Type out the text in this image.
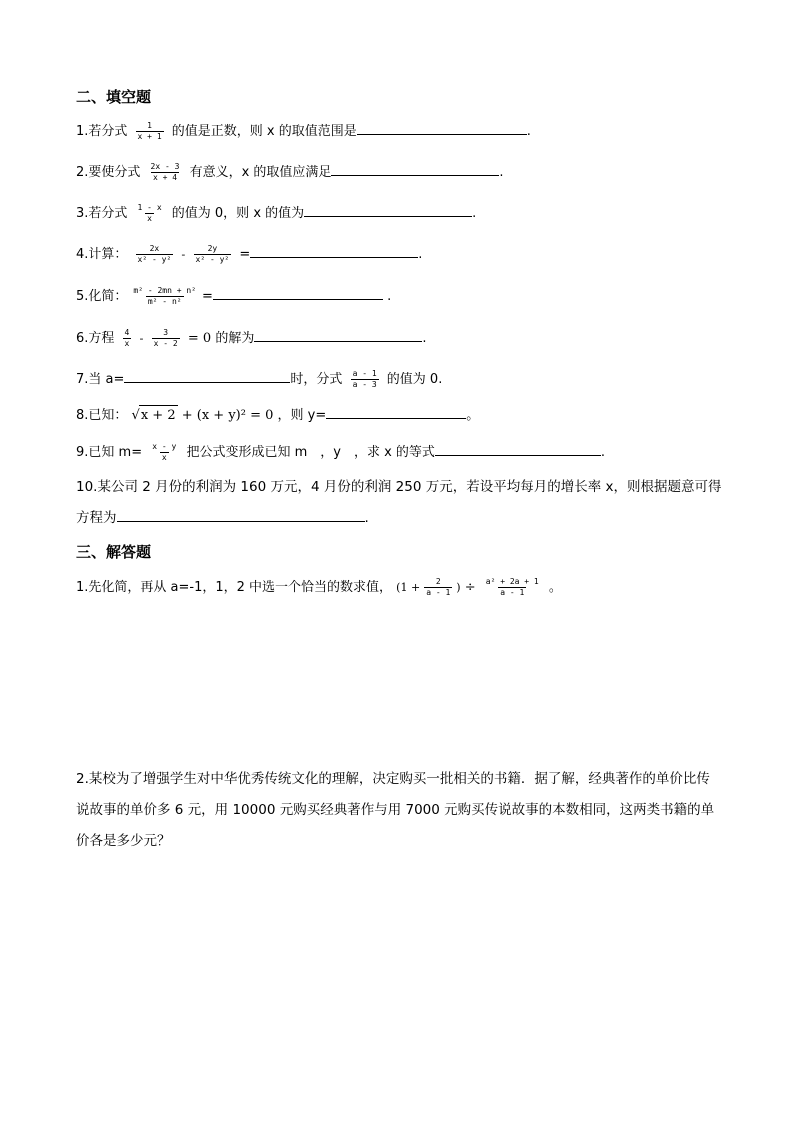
二、填空题
1.若分式 $\frac{1}{x + 1}$ 的值是正数，则 x 的取值范围是	.
2.要使分式 $\frac{2x - 3}{x + 4}$ 有意义，x 的取值应满足	.
3.若分式 $\frac{1 - x}{x}$ 的值为 0，则 x 的值为	.
4.计算： $\frac{2x}{\text{x² - y²}} - \frac{2y}{\text{x² - y²}}$ =	.
5.化简： $\frac{\text{m² - 2mn + n²}}{\text{m² - n²}}$ =	.
6.方程 $\frac{4}{x} - \frac{3}{x - 2} = 0$ 的解为	.
7.当 a=	时，分式 $\frac{a - 1}{a - 3}$ 的值为 0.
8.已知： √x + 2 + (x + y)² = 0 ，则 y=	。
9.已知 $m= \frac{x - y}{x}$ 把公式变形成已知 m　，y　，求 x 的等式	.
10.某公司 2 月份的利润为 160 万元，4 月份的利润 250 万元，若设平均每月的增长率 x，则根据题意可得
方程为	.
三、解答题
1.先化简，再从 a=-1，1，2 中选一个恰当的数求值， ($1 + \frac{2}{a - 1}$ ) ÷ $\frac{\text{a² + 2a + 1}}{a - 1}$ 。
2.某校为了增强学生对中华优秀传统文化的理解，决定购买一批相关的书籍．据了解，经典著作的单价比传说故事的单价多 6 元，用 10000 元购买经典著作与用 7000 元购买传说故事的本数相同，这两类书籍的单价各是多少元？
